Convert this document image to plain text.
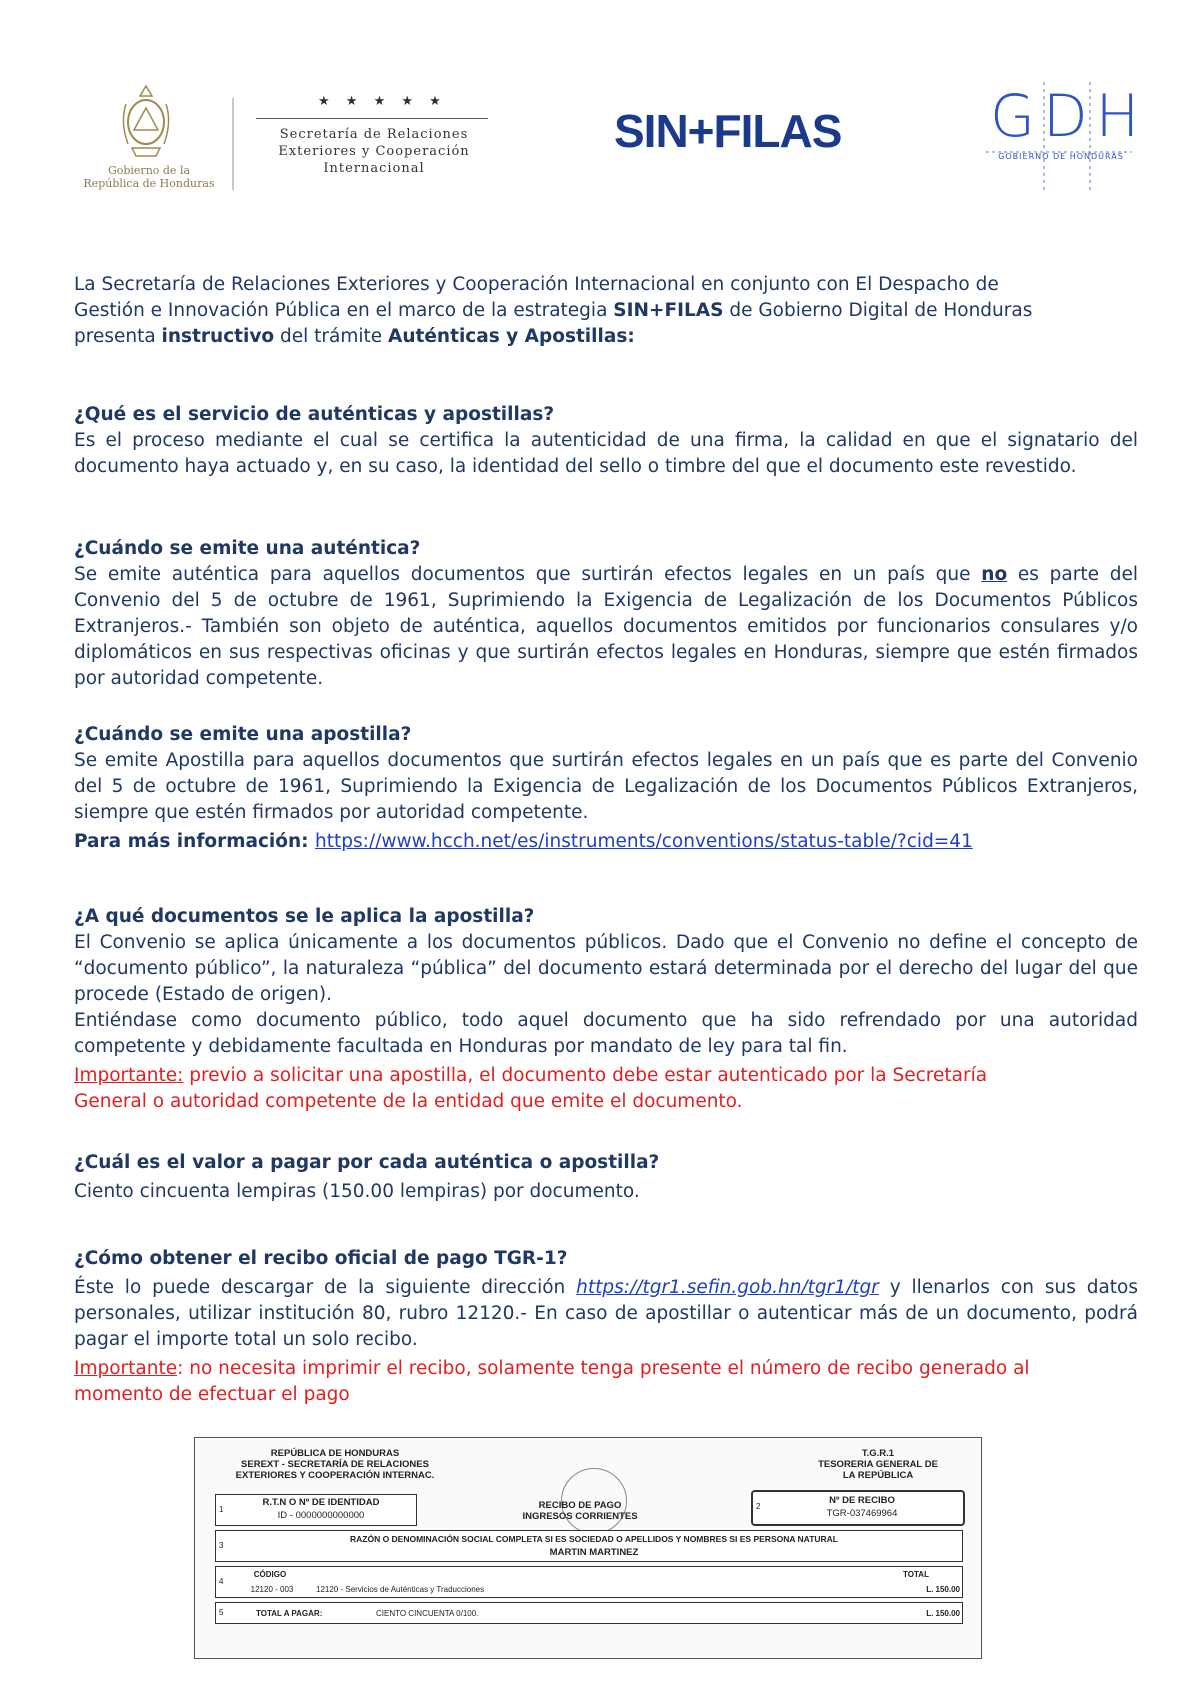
Gobierno de la
República de Honduras
★ ★ ★ ★ ★
Secretaría de Relaciones
Exteriores y Cooperación
Internacional
SIN+FILAS	GDH
GOBIERNO DE HONDURAS

La Secretaría de Relaciones Exteriores y Cooperación Internacional en conjunto con El Despacho de Gestión e Innovación Pública en el marco de la estrategia SIN+FILAS de Gobierno Digital de Honduras presenta instructivo del trámite Auténticas y Apostillas:

¿Qué es el servicio de auténticas y apostillas?

Es el proceso mediante el cual se certifica la autenticidad de una firma, la calidad en que el signatario del documento haya actuado y, en su caso, la identidad del sello o timbre del que el documento este revestido.

¿Cuándo se emite una auténtica?

Se emite auténtica para aquellos documentos que surtirán efectos legales en un país que no es parte del Convenio del 5 de octubre de 1961, Suprimiendo la Exigencia de Legalización de los Documentos Públicos Extranjeros.- También son objeto de auténtica, aquellos documentos emitidos por funcionarios consulares y/o diplomáticos en sus respectivas oficinas y que surtirán efectos legales en Honduras, siempre que estén firmados por autoridad competente.

¿Cuándo se emite una apostilla?

Se emite Apostilla para aquellos documentos que surtirán efectos legales en un país que es parte del Convenio del 5 de octubre de 1961, Suprimiendo la Exigencia de Legalización de los Documentos Públicos Extranjeros, siempre que estén firmados por autoridad competente.

Para más información: https://www.hcch.net/es/instruments/conventions/status-table/?cid=41

¿A qué documentos se le aplica la apostilla?

El Convenio se aplica únicamente a los documentos públicos. Dado que el Convenio no define el concepto de “documento público”, la naturaleza “pública” del documento estará determinada por el derecho del lugar del que procede (Estado de origen).

Entiéndase como documento público, todo aquel documento que ha sido refrendado por una autoridad competente y debidamente facultada en Honduras por mandato de ley para tal fin.

Importante: previo a solicitar una apostilla, el documento debe estar autenticado por la Secretaría General o autoridad competente de la entidad que emite el documento.

¿Cuál es el valor a pagar por cada auténtica o apostilla?

Ciento cincuenta lempiras (150.00 lempiras) por documento.

¿Cómo obtener el recibo oficial de pago TGR-1?

Éste lo puede descargar de la siguiente dirección https://tgr1.sefin.gob.hn/tgr1/tgr y llenarlos con sus datos personales, utilizar institución 80, rubro 12120.- En caso de apostillar o autenticar más de un documento, podrá pagar el importe total un solo recibo.

Importante: no necesita imprimir el recibo, solamente tenga presente el número de recibo generado al momento de efectuar el pago

REPÚBLICA DE HONDURAS
SEREXT - SECRETARÍA DE RELACIONES
EXTERIORES Y COOPERACIÓN INTERNAC.
T.G.R.1
TESORERIA GENERAL DE
LA REPÚBLICA
1
R.T.N O Nº DE IDENTIDAD
ID - 0000000000000
RECIBO DE PAGO
INGRESOS CORRIENTES
2
Nº DE RECIBO
TGR-037469964
3
RAZÓN O DENOMINACIÓN SOCIAL COMPLETA SI ES SOCIEDAD O APELLIDOS Y NOMBRES SI ES PERSONA NATURAL
MARTIN MARTINEZ
4
CÓDIGO	TOTAL
12120 - 003	12120 - Servicios de Auténticas y Traducciones	L. 150.00
5	TOTAL A PAGAR:	CIENTO CINCUENTA 0/100.	L. 150.00
